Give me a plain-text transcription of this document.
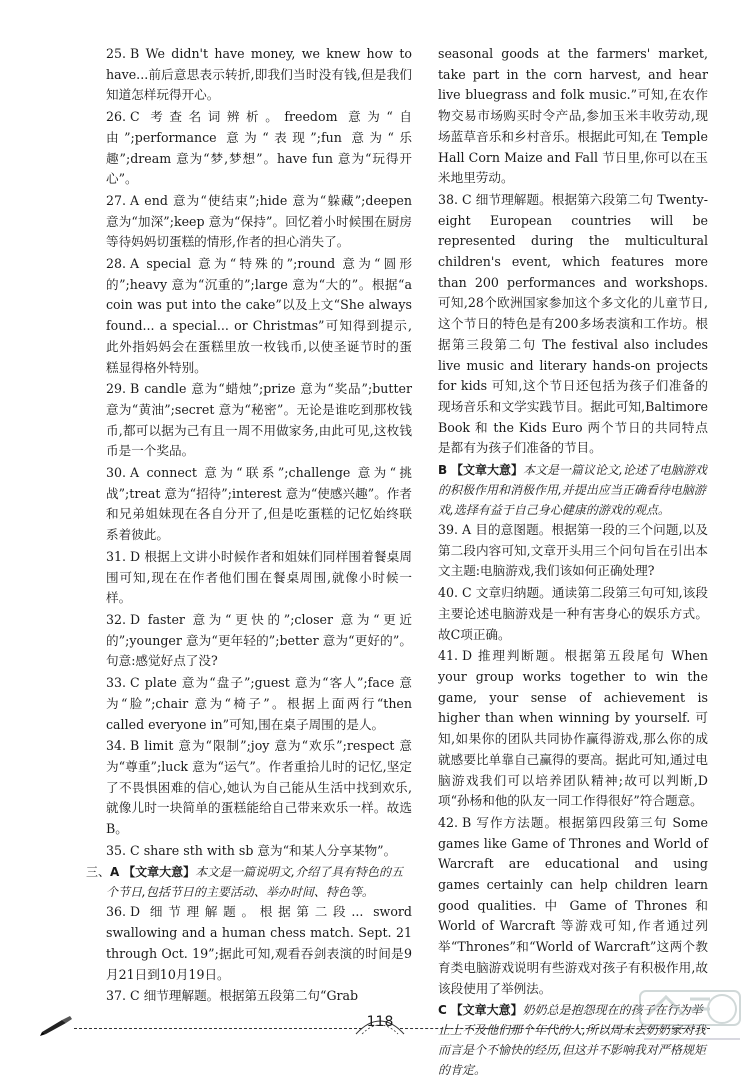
25. B We didn't have money, we knew how to have...前后意思表示转折,即我们当时没有钱,但是我们知道怎样玩得开心。
26. C 考查名词辨析。freedom 意为“自由”;performance 意为“表现”;fun 意为“乐趣”;dream 意为“梦,梦想”。have fun 意为“玩得开心”。
27. A end 意为“使结束”;hide 意为“躲藏”;deepen 意为“加深”;keep 意为“保持”。回忆着小时候围在厨房等待妈妈切蛋糕的情形,作者的担心消失了。
28. A special 意为“特殊的”;round 意为“圆形的”;heavy 意为“沉重的”;large 意为“大的”。根据“a coin was put into the cake”以及上文“She always found... a special... or Christmas”可知得到提示,此外指妈妈会在蛋糕里放一枚钱币,以使圣诞节时的蛋糕显得格外特别。
29. B candle 意为“蜡烛”;prize 意为“奖品”;butter 意为“黄油”;secret 意为“秘密”。无论是谁吃到那枚钱币,都可以据为己有且一周不用做家务,由此可见,这枚钱币是一个奖品。
30. A connect 意为“联系”;challenge 意为“挑战”;treat 意为“招待”;interest 意为“使感兴趣”。作者和兄弟姐妹现在各自分开了,但是吃蛋糕的记忆始终联系着彼此。
31. D 根据上文讲小时候作者和姐妹们同样围着餐桌周围可知,现在在作者他们围在餐桌周围,就像小时候一样。
32. D faster 意为“更快的”;closer 意为“更近的”;younger 意为“更年轻的”;better 意为“更好的”。句意:感觉好点了没?
33. C plate 意为“盘子”;guest 意为“客人”;face 意为“脸”;chair 意为“椅子”。根据上面两行“then called everyone in”可知,围在桌子周围的是人。
34. B limit 意为“限制”;joy 意为“欢乐”;respect 意为“尊重”;luck 意为“运气”。作者重拾儿时的记忆,坚定了不畏惧困难的信心,她认为自己能从生活中找到欢乐,就像儿时一块简单的蛋糕能给自己带来欢乐一样。故选B。
35. C share sth with sb 意为“和某人分享某物”。
三、A 【文章大意】本文是一篇说明文,介绍了具有特色的五个节日,包括节日的主要活动、举办时间、特色等。
36. D 细节理解题。根据第二段... sword swallowing and a human chess match. Sept. 21 through Oct. 19”;据此可知,观看吞剑表演的时间是9月21日到10月19日。
37. C 细节理解题。根据第五段第二句“Grab
seasonal goods at the farmers' market, take part in the corn harvest, and hear live bluegrass and folk music.”可知,在农作物交易市场购买时令产品,参加玉米丰收劳动,现场蓝草音乐和乡村音乐。根据此可知,在 Temple Hall Corn Maize and Fall 节日里,你可以在玉米地里劳动。
38. C 细节理解题。根据第六段第二句 Twenty-eight European countries will be represented during the multicultural children's event, which features more than 200 performances and workshops. 可知,28个欧洲国家参加这个多文化的儿童节日,这个节日的特色是有200多场表演和工作坊。根据第三段第二句 The festival also includes live music and literary hands-on projects for kids 可知,这个节日还包括为孩子们准备的现场音乐和文学实践节目。据此可知,Baltimore Book 和 the Kids Euro 两个节日的共同特点是都有为孩子们准备的节目。
B 【文章大意】本文是一篇议论文,论述了电脑游戏的积极作用和消极作用,并提出应当正确看待电脑游戏,选择有益于自己身心健康的游戏的观点。
39. A 目的意图题。根据第一段的三个问题,以及第二段内容可知,文章开头用三个问句旨在引出本文主题:电脑游戏,我们该如何正确处理?
40. C 文章归纳题。通读第二段第三句可知,该段主要论述电脑游戏是一种有害身心的娱乐方式。故C项正确。
41. D 推理判断题。根据第五段尾句 When your group works together to win the game, your sense of achievement is higher than when winning by yourself. 可知,如果你的团队共同协作赢得游戏,那么你的成就感要比单靠自己赢得的要高。据此可知,通过电脑游戏我们可以培养团队精神;故可以判断,D项“孙杨和他的队友一同工作得很好”符合题意。
42. B 写作方法题。根据第四段第三句 Some games like Game of Thrones and World of Warcraft are educational and using games certainly can help children learn good qualities. 中 Game of Thrones 和 World of Warcraft 等游戏可知,作者通过列举“Thrones”和“World of Warcraft”这两个教育类电脑游戏说明有些游戏对孩子有积极作用,故该段使用了举例法。
C 【文章大意】奶奶总是抱怨现在的孩子在行为举止上不及他们那个年代的人,所以周末去奶奶家对我而言是个不愉快的经历,但这并不影响我对严格规矩的肯定。
118
